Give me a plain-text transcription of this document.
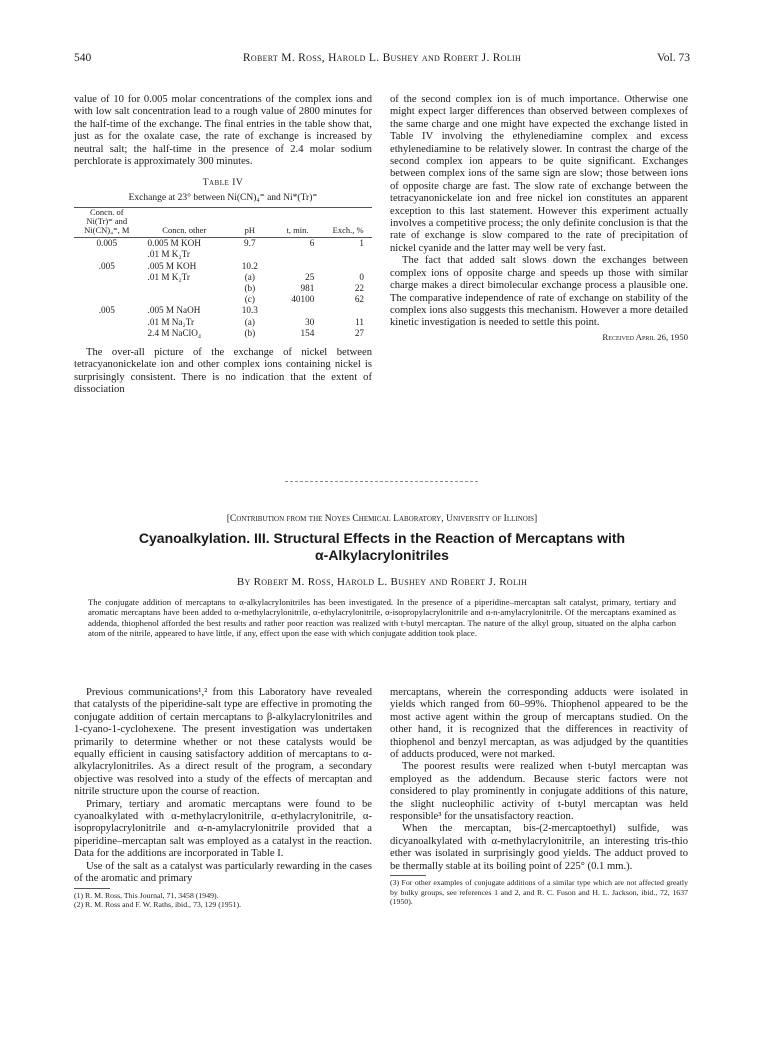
540	Robert M. Ross, Harold L. Bushey and Robert J. Rolih	Vol. 73

value of 10 for 0.005 molar concentrations of the complex ions and with low salt concentration lead to a rough value of 2800 minutes for the half-time of the exchange. The final entries in the table show that, just as for the oxalate case, the rate of exchange is increased by neutral salt; the half-time in the presence of 2.4 molar sodium perchlorate is approximately 300 minutes.

Table IV
Exchange at 23° between Ni(CN)₄⁼ and Ni*(Tr)⁼
Concn. of Ni(Tr)⁼ and Ni(CN)₄⁼, M	Concn. other	pH	t, min.	Exch., %
0.005	0.005 M KOH	9.7	6	1
	.01 M K₂Tr			
.005	.005 M KOH	10.2		
	.01 M K₂Tr	(a)	25	0
		(b)	981	22
		(c)	40100	62
.005	.005 M NaOH	10.3		
	.01 M Na₂Tr	(a)	30	11
	2.4 M NaClO₄	(b)	154	27

The over-all picture of the exchange of nickel between tetracyanonickelate ion and other complex ions containing nickel is surprisingly consistent. There is no indication that the extent of dissociation

of the second complex ion is of much importance. Otherwise one might expect larger differences than observed between complexes of the same charge and one might have expected the exchange listed in Table IV involving the ethylenediamine complex and excess ethylenediamine to be relatively slower. In contrast the charge of the second complex ion appears to be quite significant. Exchanges between complex ions of the same sign are slow; those between ions of opposite charge are fast. The slow rate of exchange between the tetracyanonickelate ion and free nickel ion constitutes an apparent exception to this last statement. However this experiment actually involves a competitive process; the only definite conclusion is that the rate of exchange is slow compared to the rate of precipitation of nickel cyanide and the latter may well be very fast.

The fact that added salt slows down the exchanges between complex ions of opposite charge and speeds up those with similar charge makes a direct bimolecular exchange process a plausible one. The comparative independence of rate of exchange on stability of the complex ions also suggests this mechanism. However a more detailed kinetic investigation is needed to settle this point.

Received April 26, 1950
[Contribution from the Noyes Chemical Laboratory, University of Illinois]
Cyanoalkylation. III. Structural Effects in the Reaction of Mercaptans with
α-Alkylacrylonitriles
By Robert M. Ross, Harold L. Bushey and Robert J. Rolih
The conjugate addition of mercaptans to α-alkylacrylonitriles has been investigated. In the presence of a piperidine–mercaptan salt catalyst, primary, tertiary and aromatic mercaptans have been added to α-methylacrylonitrile, α-ethylacrylonitrile, α-isopropylacrylonitrile and α-n-amylacrylonitrile. Of the mercaptans examined as addenda, thiophenol afforded the best results and rather poor reaction was realized with t-butyl mercaptan. The nature of the alkyl group, situated on the alpha carbon atom of the nitrile, appeared to have little, if any, effect upon the ease with which conjugate addition took place.

Previous communications¹,² from this Laboratory have revealed that catalysts of the piperidine-salt type are effective in promoting the conjugate addition of certain mercaptans to β-alkylacrylonitriles and 1-cyano-1-cyclohexene. The present investigation was undertaken primarily to determine whether or not these catalysts would be equally efficient in causing satisfactory addition of mercaptans to α-alkylacrylonitriles. As a direct result of the program, a secondary objective was resolved into a study of the effects of mercaptan and nitrile structure upon the course of reaction.

Primary, tertiary and aromatic mercaptans were found to be cyanoalkylated with α-methylacrylonitrile, α-ethylacrylonitrile, α-isopropylacrylonitrile and α-n-amylacrylonitrile provided that a piperidine–mercaptan salt was employed as a catalyst in the reaction. Data for the additions are incorporated in Table I.

Use of the salt as a catalyst was particularly rewarding in the cases of the aromatic and primary

(1) R. M. Ross, This Journal, 71, 3458 (1949).
(2) R. M. Ross and F. W. Raths, ibid., 73, 129 (1951).

mercaptans, wherein the corresponding adducts were isolated in yields which ranged from 60–99%. Thiophenol appeared to be the most active agent within the group of mercaptans studied. On the other hand, it is recognized that the differences in reactivity of thiophenol and benzyl mercaptan, as was adjudged by the quantities of adducts produced, were not marked.

The poorest results were realized when t-butyl mercaptan was employed as the addendum. Because steric factors were not considered to play prominently in conjugate additions of this nature, the slight nucleophilic activity of t-butyl mercaptan was held responsible³ for the unsatisfactory reaction.

When the mercaptan, bis-(2-mercaptoethyl) sulfide, was dicyanoalkylated with α-methylacrylonitrile, an interesting tris-thio ether was isolated in surprisingly good yields. The adduct proved to be thermally stable at its boiling point of 225° (0.1 mm.).

(3) For other examples of conjugate additions of a similar type which are not affected greatly by bulky groups, see references 1 and 2, and R. C. Fuson and H. L. Jackson, ibid., 72, 1637 (1950).
